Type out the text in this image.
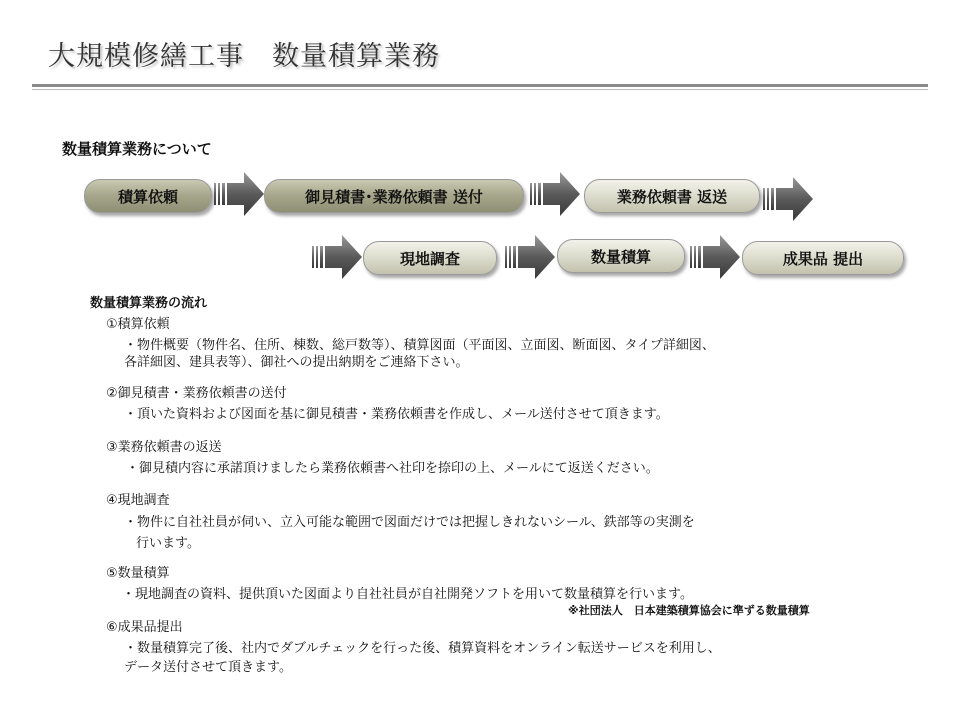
大規模修繕工事　数量積算業務
数量積算業務について
積算依頼	御見積書･業務依頼書 送付	業務依頼書 返送
現地調査	数量積算	成果品 提出
数量積算業務の流れ
①積算依頼
・物件概要（物件名、住所、棟数、総戸数等）、積算図面（平面図、立面図、断面図、タイプ詳細図、
各詳細図、建具表等）、御社への提出納期をご連絡下さい。
②御見積書・業務依頼書の送付
・頂いた資料および図面を基に御見積書・業務依頼書を作成し、メール送付させて頂きます。
③業務依頼書の返送
・御見積内容に承諾頂けましたら業務依頼書へ社印を捺印の上、メールにて返送ください。
④現地調査
・物件に自社社員が伺い、立入可能な範囲で図面だけでは把握しきれないシール、鉄部等の実測を
行います。
⑤数量積算
・現地調査の資料、提供頂いた図面より自社社員が自社開発ソフトを用いて数量積算を行います。
※社団法人　日本建築積算協会に準ずる数量積算
⑥成果品提出
・数量積算完了後、社内でダブルチェックを行った後、積算資料をオンライン転送サービスを利用し、
データ送付させて頂きます。
